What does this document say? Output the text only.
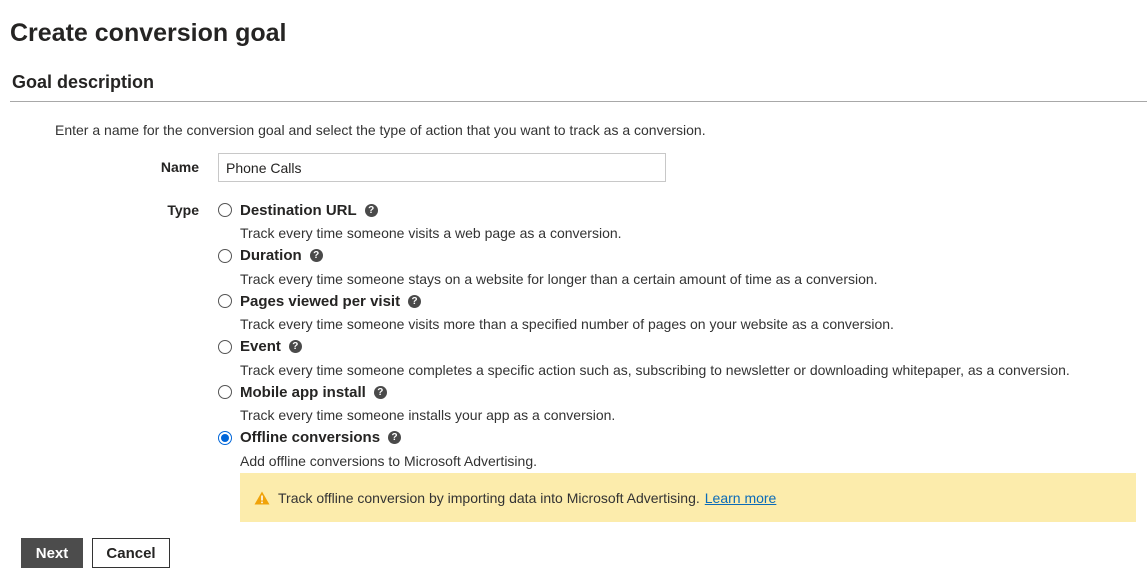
Create conversion goal
Goal description
Enter a name for the conversion goal and select the type of action that you want to track as a conversion.
Name
Phone Calls
Type	Destination URL	?
Track every time someone visits a web page as a conversion.
Duration	?
Track every time someone stays on a website for longer than a certain amount of time as a conversion.
Pages viewed per visit	?
Track every time someone visits more than a specified number of pages on your website as a conversion.
Event	?
Track every time someone completes a specific action such as, subscribing to newsletter or downloading whitepaper, as a conversion.
Mobile app install	?
Track every time someone installs your app as a conversion.
Offline conversions	?
Add offline conversions to Microsoft Advertising.
Track offline conversion by importing data into Microsoft Advertising. Learn more
Next	Cancel
